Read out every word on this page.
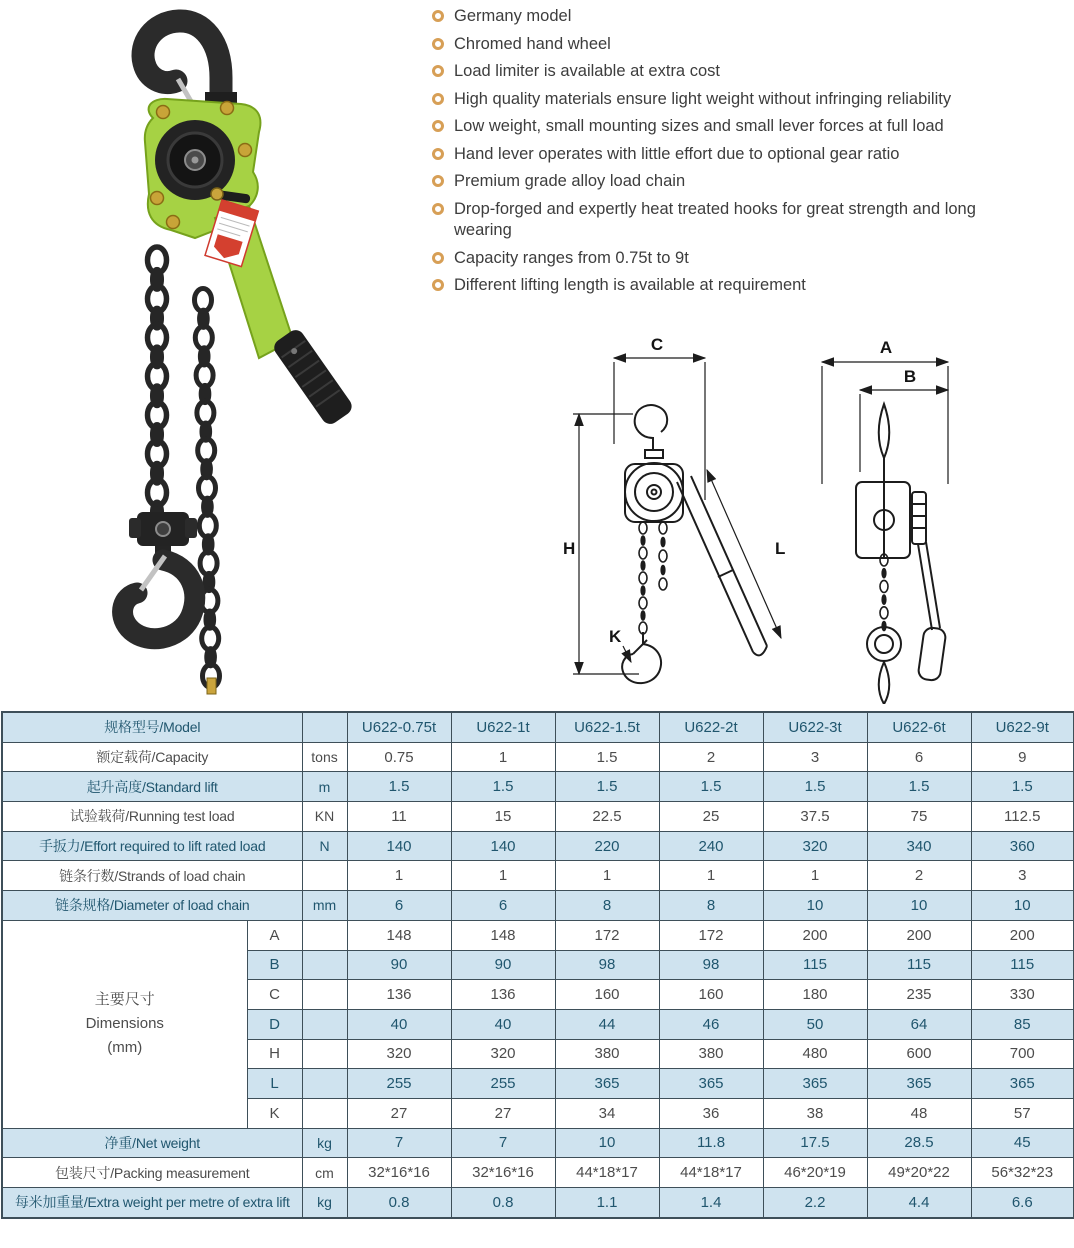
Germany model
Chromed hand wheel
Load limiter is available at extra cost
High quality materials ensure light weight without infringing reliability
Low weight, small mounting sizes and small lever forces at full load
Hand lever operates with little effort due to optional gear ratio
Premium grade alloy load chain
Drop-forged and expertly heat treated hooks for great strength and long wearing
Capacity ranges from 0.75t to 9t
Different lifting length is available at requirement
C
H	L
K
A
B
规格型号/Model			U622-0.75t	U622-1t	U622-1.5t	U622-2t	U622-3t	U622-6t	U622-9t
额定载荷/Capacity		tons	0.75	1	1.5	2	3	6	9
起升高度/Standard lift		m	1.5	1.5	1.5	1.5	1.5	1.5	1.5
试验载荷/Running test load		KN	11	15	22.5	25	37.5	75	112.5
手扳力/Effort required to lift rated load		N	140	140	220	240	320	340	360
链条行数/Strands of load chain			1	1	1	1	1	2	3
链条规格/Diameter of load chain		mm	6	6	8	8	10	10	10

主要尺寸
Dimensions
(mm)	A		148	148	172	172	200	200	200
	B		90	90	98	98	115	115	115
	C		136	136	160	160	180	235	330
	D		40	40	44	46	50	64	85
	H		320	320	380	380	480	600	700
	L		255	255	365	365	365	365	365
	K		27	27	34	36	38	48	57
净重/Net weight		kg	7	7	10	11.8	17.5	28.5	45
包装尺寸/Packing measurement		cm	32*16*16	32*16*16	44*18*17	44*18*17	46*20*19	49*20*22	56*32*23
每米加重量/Extra weight per metre of extra lift		kg	0.8	0.8	1.1	1.4	2.2	4.4	6.6
